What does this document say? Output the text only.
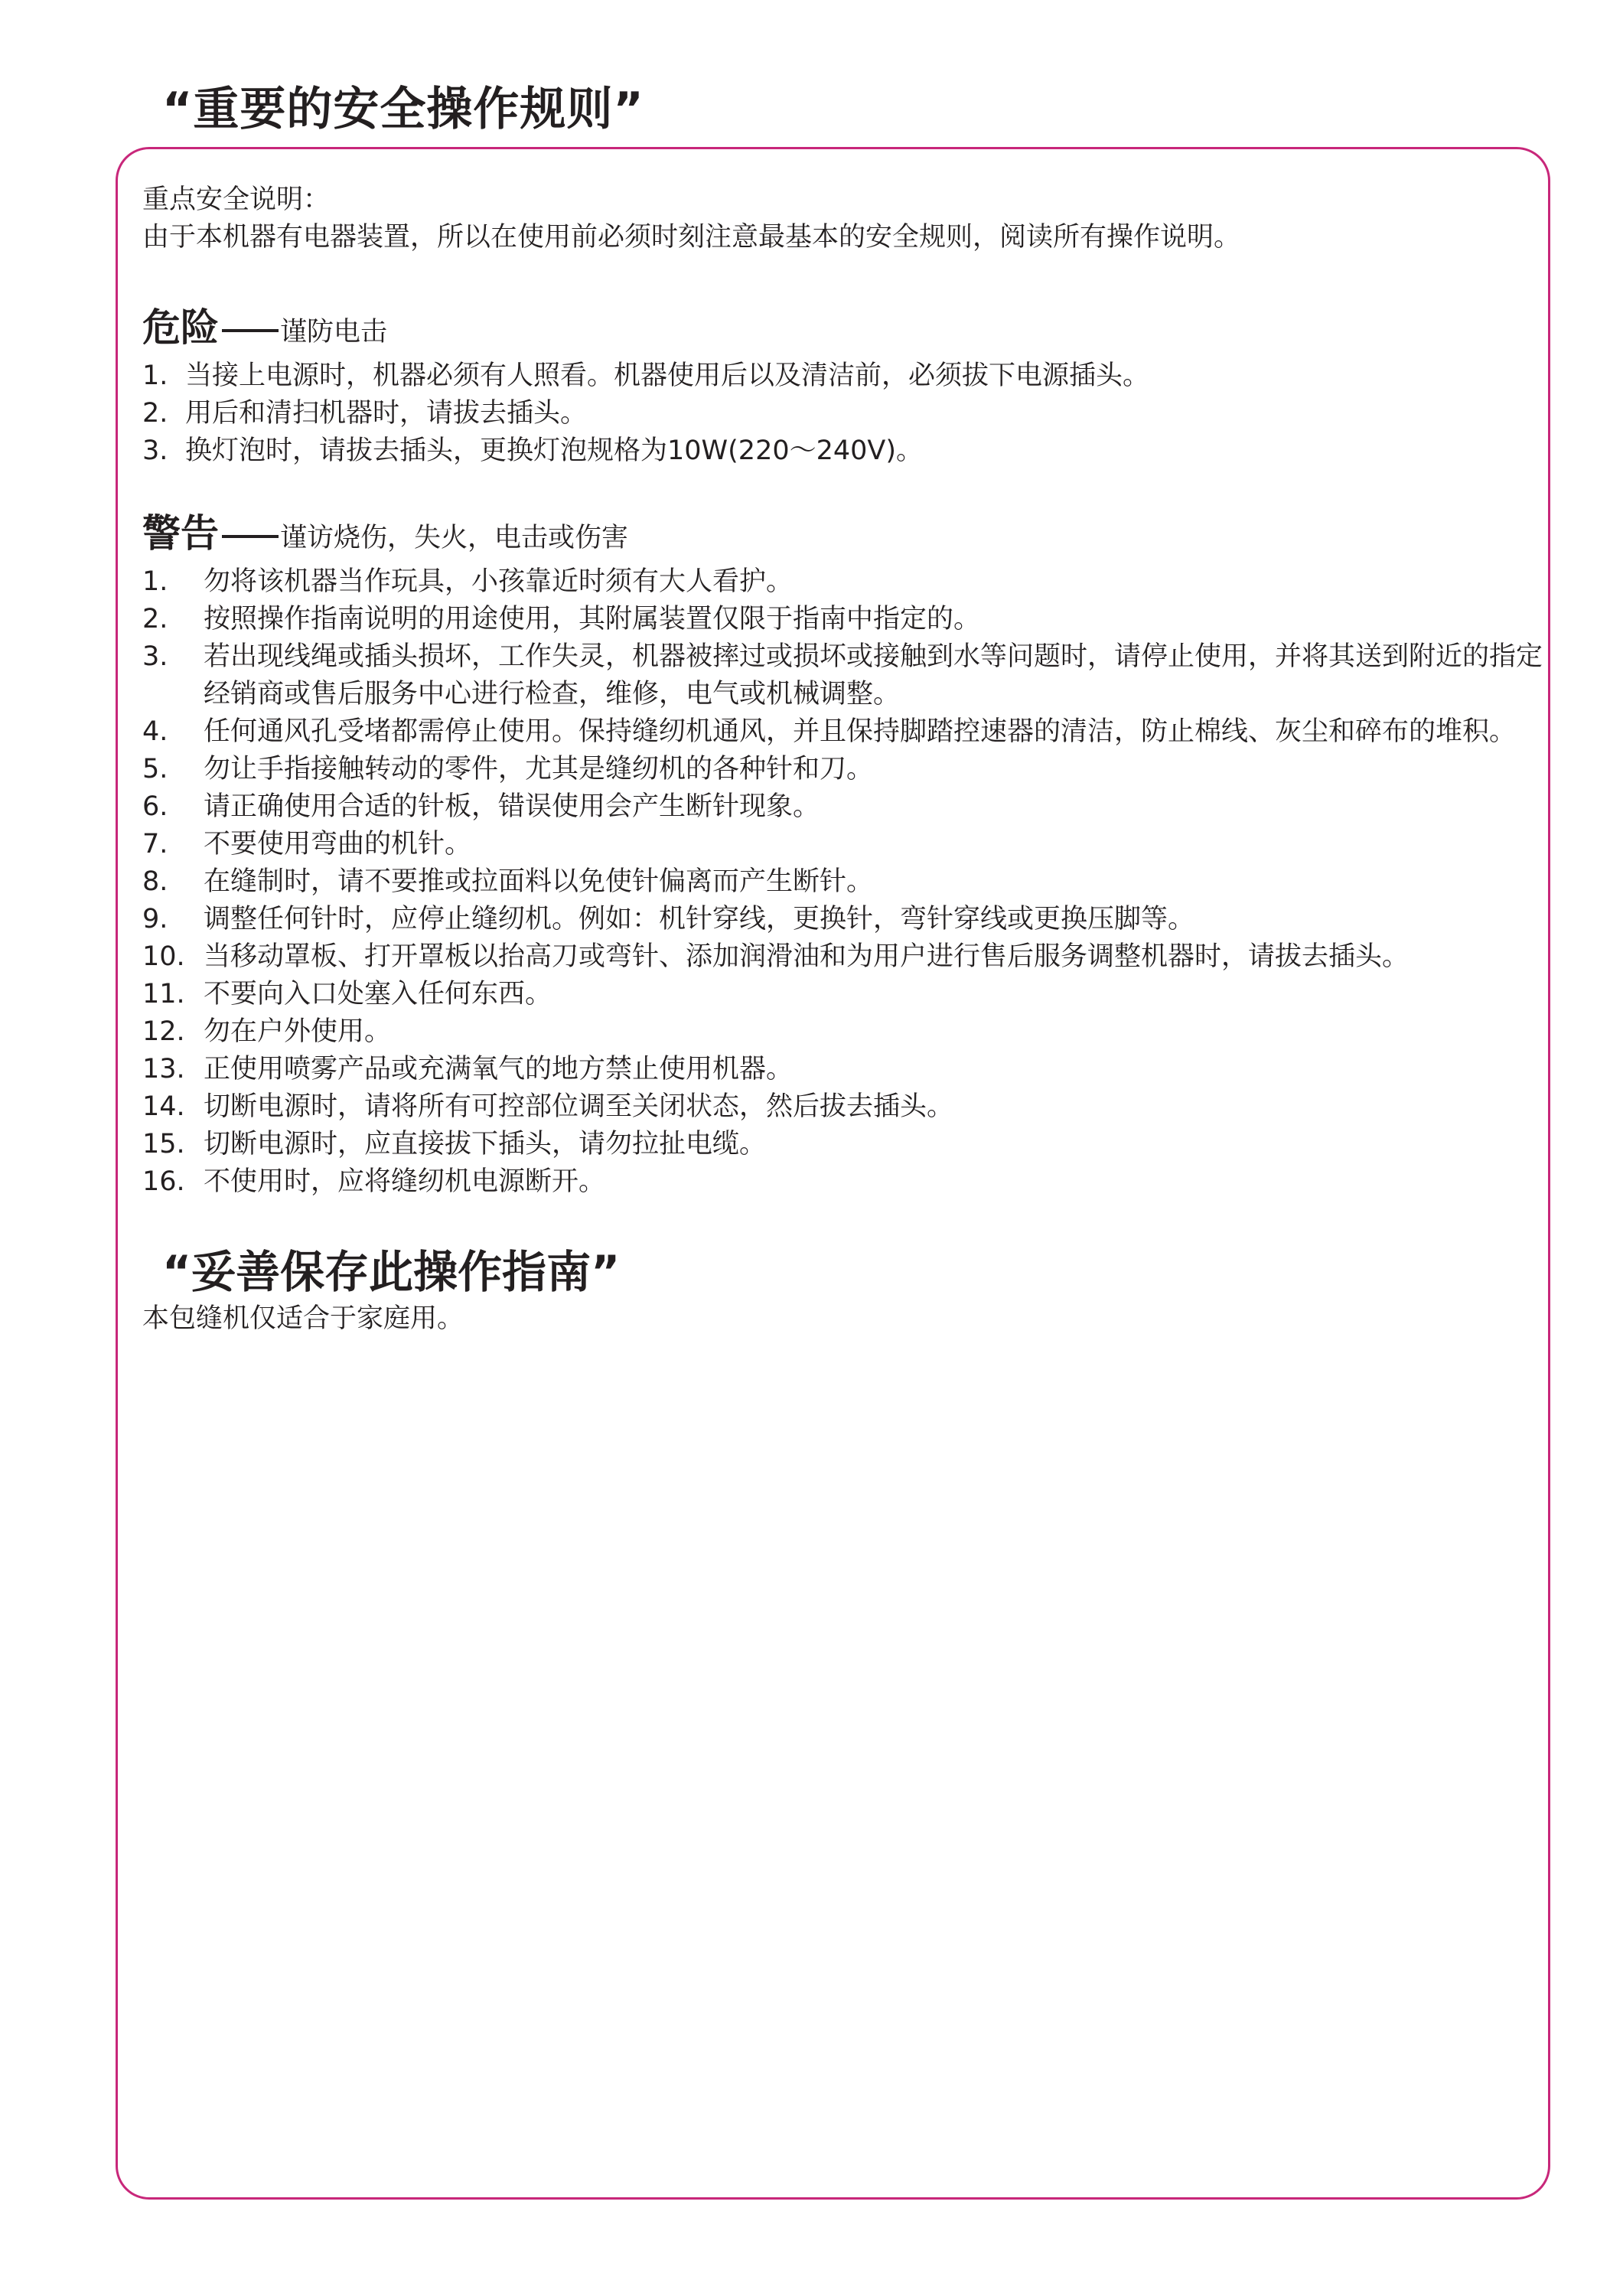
“重要的安全操作规则”
重点安全说明：
由于本机器有电器装置，所以在使用前必须时刻注意最基本的安全规则，阅读所有操作说明。
危险 谨防电击
1. 当接上电源时，机器必须有人照看。机器使用后以及清洁前，必须拔下电源插头。
2. 用后和清扫机器时，请拔去插头。
3. 换灯泡时，请拔去插头，更换灯泡规格为10W(220～240V)。
警告 谨访烧伤，失火，电击或伤害
1. 勿将该机器当作玩具，小孩靠近时须有大人看护。
2. 按照操作指南说明的用途使用，其附属装置仅限于指南中指定的。
3. 若出现线绳或插头损坏，工作失灵，机器被摔过或损坏或接触到水等问题时，请停止使用，并将其送到附近的指定经销商或售后服务中心进行检查，维修，电气或机械调整。
4. 任何通风孔受堵都需停止使用。保持缝纫机通风，并且保持脚踏控速器的清洁，防止棉线、灰尘和碎布的堆积。
5. 勿让手指接触转动的零件，尤其是缝纫机的各种针和刀。
6. 请正确使用合适的针板，错误使用会产生断针现象。
7. 不要使用弯曲的机针。
8. 在缝制时，请不要推或拉面料以免使针偏离而产生断针。
9. 调整任何针时，应停止缝纫机。例如：机针穿线，更换针，弯针穿线或更换压脚等。
10. 当移动罩板、打开罩板以抬高刀或弯针、添加润滑油和为用户进行售后服务调整机器时，请拔去插头。
11. 不要向入口处塞入任何东西。
12. 勿在户外使用。
13. 正使用喷雾产品或充满氧气的地方禁止使用机器。
14. 切断电源时，请将所有可控部位调至关闭状态，然后拔去插头。
15. 切断电源时，应直接拔下插头，请勿拉扯电缆。
16. 不使用时，应将缝纫机电源断开。
“妥善保存此操作指南”
本包缝机仅适合于家庭用。
